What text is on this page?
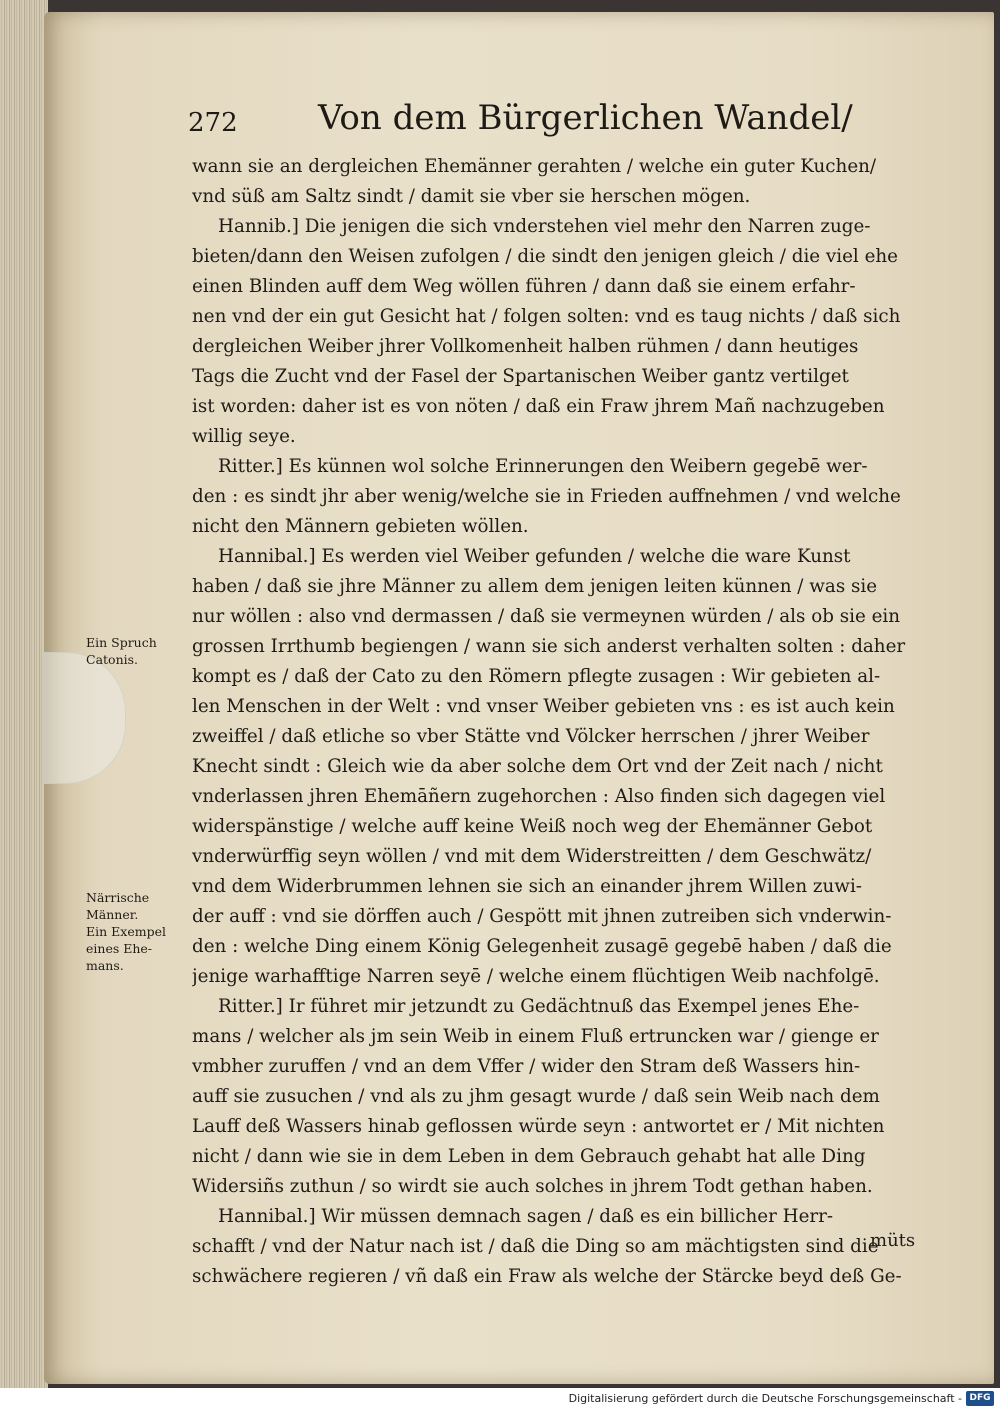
272 Von dem Bürgerlichen Wandel/
Ein Spruch
Catonis.
Närrische
Männer.
Ein Exempel
eines Ehe-
mans.
wann sie an dergleichen Ehemänner gerahten / welche ein guter Kuchen/
vnd süß am Saltz sindt / damit sie vber sie herschen mögen.
Hannib.] Die jenigen die sich vnderstehen viel mehr den Narren zuge-
bieten/dann den Weisen zufolgen / die sindt den jenigen gleich / die viel ehe
einen Blinden auff dem Weg wöllen führen / dann daß sie einem erfahr-
nen vnd der ein gut Gesicht hat / folgen solten: vnd es taug nichts / daß sich
dergleichen Weiber jhrer Vollkomenheit halben rühmen / dann heutiges
Tags die Zucht vnd der Fasel der Spartanischen Weiber gantz vertilget
ist worden: daher ist es von nöten / daß ein Fraw jhrem Mañ nachzugeben
willig seye.
Ritter.] Es künnen wol solche Erinnerungen den Weibern gegebē wer-
den : es sindt jhr aber wenig/welche sie in Frieden auffnehmen / vnd welche
nicht den Männern gebieten wöllen.
Hannibal.] Es werden viel Weiber gefunden / welche die ware Kunst
haben / daß sie jhre Männer zu allem dem jenigen leiten künnen / was sie
nur wöllen : also vnd dermassen / daß sie vermeynen würden / als ob sie ein
grossen Irrthumb begiengen / wann sie sich anderst verhalten solten : daher
kompt es / daß der Cato zu den Römern pflegte zusagen : Wir gebieten al-
len Menschen in der Welt : vnd vnser Weiber gebieten vns : es ist auch kein
zweiffel / daß etliche so vber Stätte vnd Völcker herrschen / jhrer Weiber
Knecht sindt : Gleich wie da aber solche dem Ort vnd der Zeit nach / nicht
vnderlassen jhren Ehemāñern zugehorchen : Also finden sich dagegen viel
widerspänstige / welche auff keine Weiß noch weg der Ehemänner Gebot
vnderwürffig seyn wöllen / vnd mit dem Widerstreitten / dem Geschwätz/
vnd dem Widerbrummen lehnen sie sich an einander jhrem Willen zuwi-
der auff : vnd sie dörffen auch / Gespött mit jhnen zutreiben sich vnderwin-
den : welche Ding einem König Gelegenheit zusagē gegebē haben / daß die
jenige warhafftige Narren seyē / welche einem flüchtigen Weib nachfolgē.
Ritter.] Ir führet mir jetzundt zu Gedächtnuß das Exempel jenes Ehe-
mans / welcher als jm sein Weib in einem Fluß ertruncken war / gienge er
vmbher zuruffen / vnd an dem Vffer / wider den Stram deß Wassers hin-
auff sie zusuchen / vnd als zu jhm gesagt wurde / daß sein Weib nach dem
Lauff deß Wassers hinab geflossen würde seyn : antwortet er / Mit nichten
nicht / dann wie sie in dem Leben in dem Gebrauch gehabt hat alle Ding
Widersiñs zuthun / so wirdt sie auch solches in jhrem Todt gethan haben.
Hannibal.] Wir müssen demnach sagen / daß es ein billicher Herr-
schafft / vnd der Natur nach ist / daß die Ding so am mächtigsten sind die
schwächere regieren / vñ daß ein Fraw als welche der Stärcke beyd deß Ge-
müts
Digitalisierung gefördert durch die Deutsche Forschungsgemeinschaft - DFG
